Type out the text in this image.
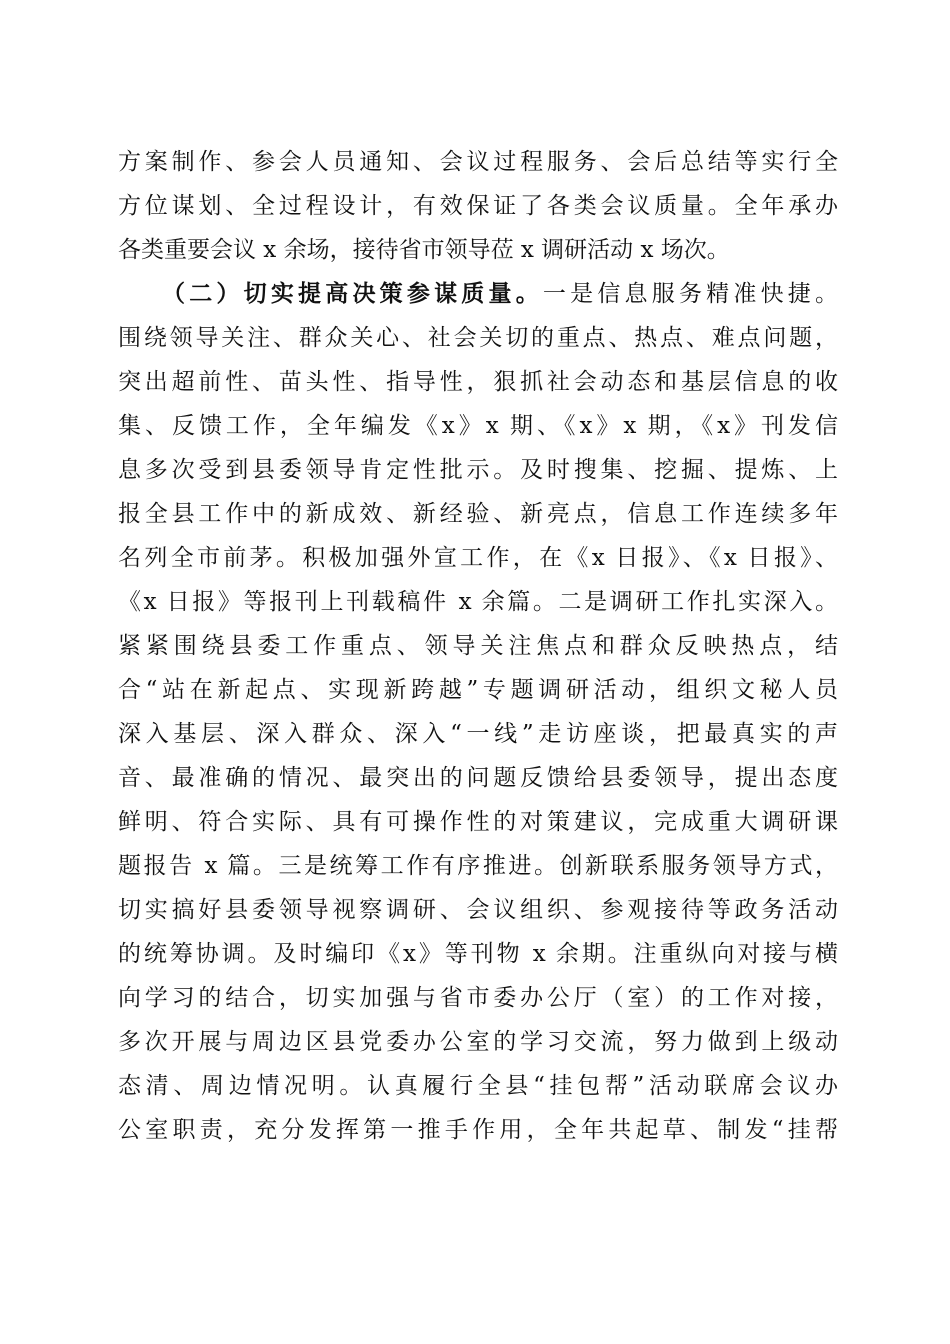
方案制作、参会人员通知、会议过程服务、会后总结等实行全
方位谋划、全过程设计，有效保证了各类会议质量。全年承办
各类重要会议 x 余场，接待省市领导莅 x 调研活动 x 场次。
（二）切实提高决策参谋质量。一是信息服务精准快捷。
围绕领导关注、群众关心、社会关切的重点、热点、难点问题，
突出超前性、苗头性、指导性，狠抓社会动态和基层信息的收
集、反馈工作，全年编发《x》x 期、《x》x 期，《x》刊发信
息多次受到县委领导肯定性批示。及时搜集、挖掘、提炼、上
报全县工作中的新成效、新经验、新亮点，信息工作连续多年
名列全市前茅。积极加强外宣工作，在《x 日报》、《x 日报》、
《x 日报》等报刊上刊载稿件 x 余篇。二是调研工作扎实深入。
紧紧围绕县委工作重点、领导关注焦点和群众反映热点，结
合“站在新起点、实现新跨越”专题调研活动，组织文秘人员
深入基层、深入群众、深入“一线”走访座谈，把最真实的声
音、最准确的情况、最突出的问题反馈给县委领导，提出态度
鲜明、符合实际、具有可操作性的对策建议，完成重大调研课
题报告 x 篇。三是统筹工作有序推进。创新联系服务领导方式，
切实搞好县委领导视察调研、会议组织、参观接待等政务活动
的统筹协调。及时编印《x》等刊物 x 余期。注重纵向对接与横
向学习的结合，切实加强与省市委办公厅（室）的工作对接，
多次开展与周边区县党委办公室的学习交流，努力做到上级动
态清、周边情况明。认真履行全县“挂包帮”活动联席会议办
公室职责，充分发挥第一推手作用，全年共起草、制发“挂帮
